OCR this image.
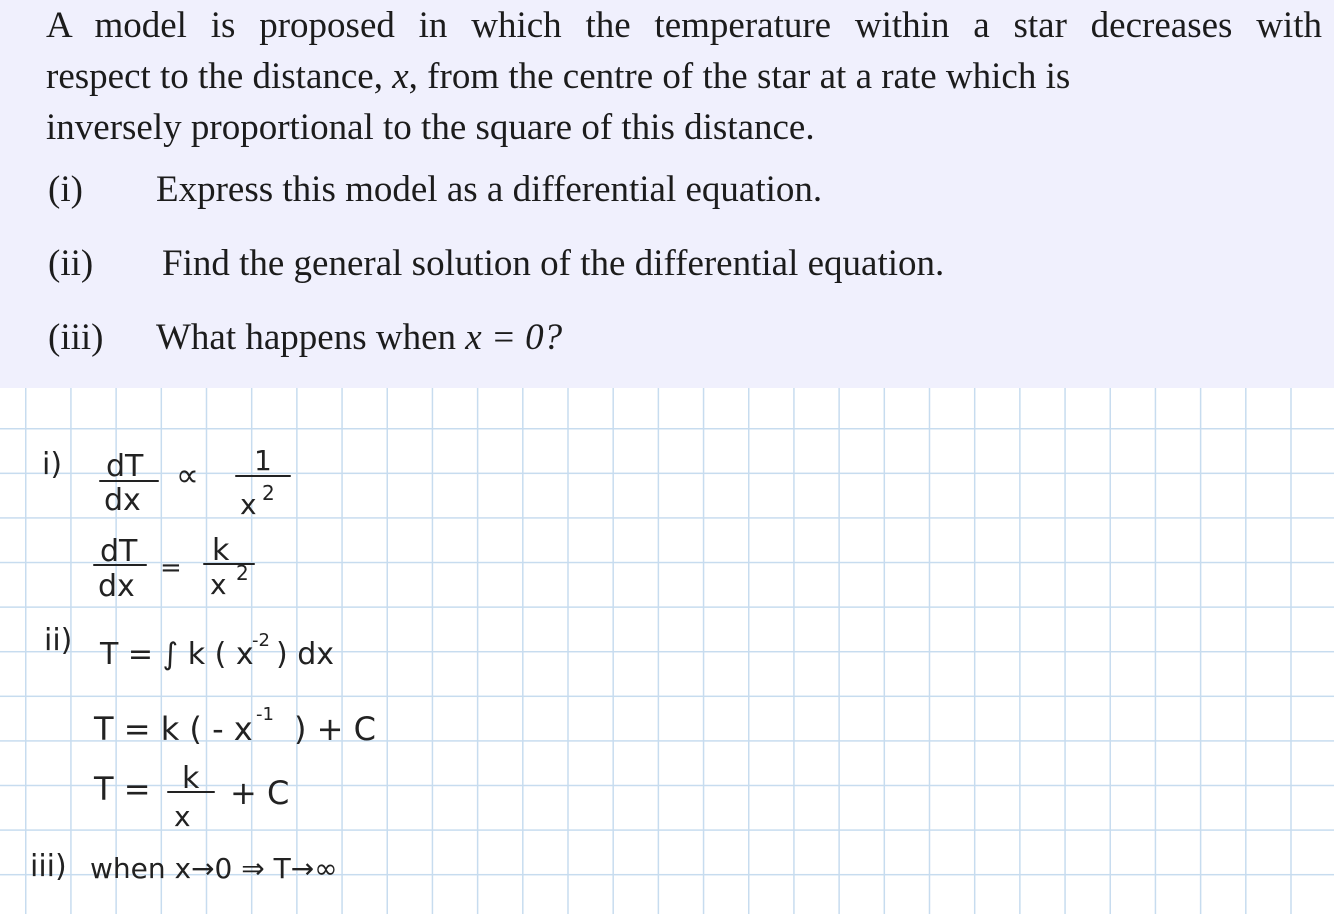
A model is proposed in which the temperature within a star decreases with
respect to the distance, x, from the centre of the star at a rate which is
inversely proportional to the square of this distance.
(i) Express this model as a differential equation.
(ii) Find the general solution of the differential equation.
(iii) What happens when x = 0?
i) dT
dx
∝ 1
x 2
dT
dx
= k
x 2
ii) T = ∫ k ( x
-2 ) dx
T = k ( - x -1 ) + C
T = k
x
+ C
iii) when x→0 ⇒ T→∞
